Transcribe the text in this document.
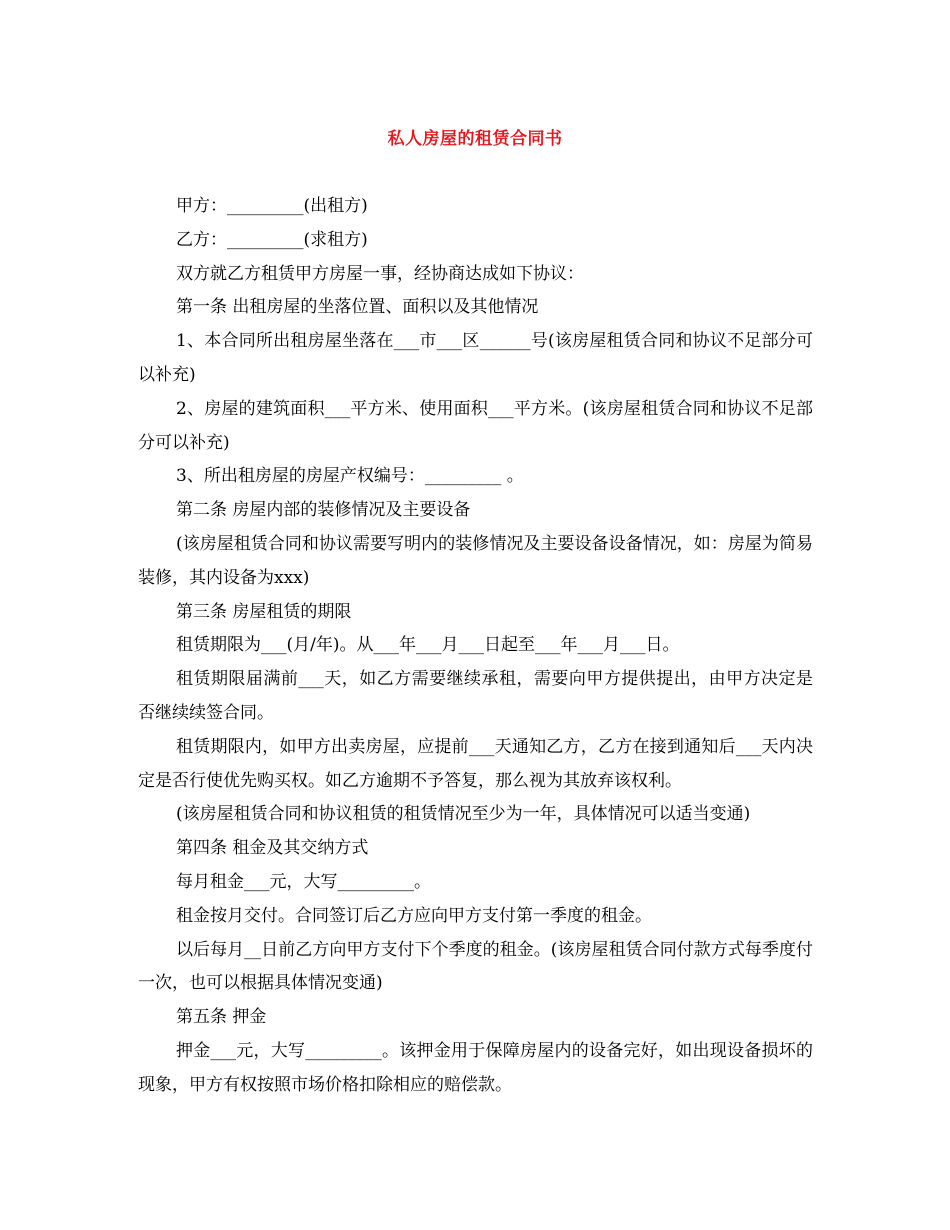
私人房屋的租赁合同书

甲方：_________(出租方)

乙方：_________(求租方)

双方就乙方租赁甲方房屋一事，经协商达成如下协议：

第一条 出租房屋的坐落位置、面积以及其他情况

1、本合同所出租房屋坐落在___市___区______号(该房屋租赁合同和协议不足部分可以补充)

2、房屋的建筑面积___平方米、使用面积___平方米。(该房屋租赁合同和协议不足部分可以补充)

3、所出租房屋的房屋产权编号：_________ 。

第二条 房屋内部的装修情况及主要设备

(该房屋租赁合同和协议需要写明内的装修情况及主要设备设备情况，如：房屋为简易装修，其内设备为xxx)

第三条 房屋租赁的期限

租赁期限为___(月/年)。从___年___月___日起至___年___月___日。

租赁期限届满前___天，如乙方需要继续承租，需要向甲方提供提出，由甲方决定是否继续续签合同。

租赁期限内，如甲方出卖房屋，应提前___天通知乙方，乙方在接到通知后___天内决定是否行使优先购买权。如乙方逾期不予答复，那么视为其放弃该权利。

(该房屋租赁合同和协议租赁的租赁情况至少为一年，具体情况可以适当变通)

第四条 租金及其交纳方式

每月租金___元，大写_________。

租金按月交付。合同签订后乙方应向甲方支付第一季度的租金。

以后每月__日前乙方向甲方支付下个季度的租金。(该房屋租赁合同付款方式每季度付一次，也可以根据具体情况变通)

第五条 押金

押金___元，大写_________。该押金用于保障房屋内的设备完好，如出现设备损坏的现象，甲方有权按照市场价格扣除相应的赔偿款。
